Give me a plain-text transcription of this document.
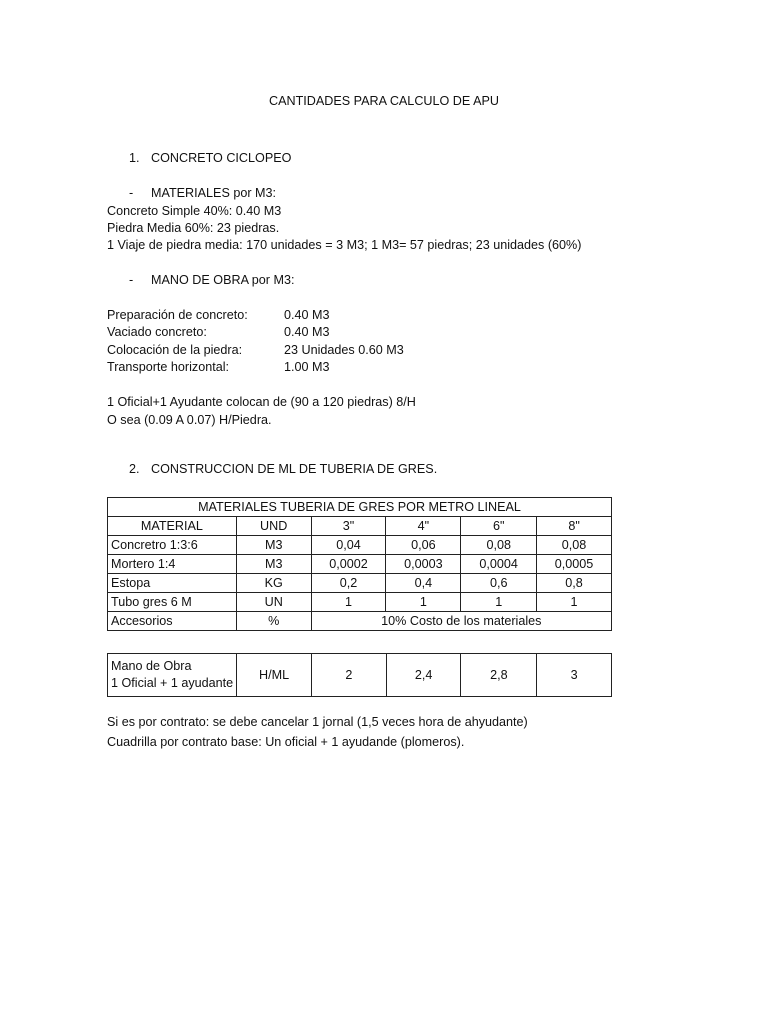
CANTIDADES PARA CALCULO DE APU
1. CONCRETO CICLOPEO
- MATERIALES por M3:
Concreto Simple 40%: 0.40 M3
Piedra Media 60%: 23 piedras.
1 Viaje de piedra media: 170 unidades = 3 M3; 1 M3= 57 piedras; 23 unidades (60%)
- MANO DE OBRA por M3:
Preparación de concreto:	0.40 M3
Vaciado concreto:	0.40 M3
Colocación de la piedra:	23 Unidades 0.60 M3
Transporte horizontal:	1.00 M3
1 Oficial+1 Ayudante colocan de (90 a 120 piedras) 8/H
O sea (0.09 A 0.07) H/Piedra.
2. CONSTRUCCION DE ML DE TUBERIA DE GRES.
MATERIALES TUBERIA DE GRES POR METRO LINEAL					
MATERIAL	UND	3"	4"	6"	8"
Concretro 1:3:6	M3	0,04	0,06	0,08	0,08
Mortero 1:4	M3	0,0002	0,0003	0,0004	0,0005
Estopa	KG	0,2	0,4	0,6	0,8
Tubo gres 6 M	UN	1	1	1	1
Accesorios	%	10% Costo de los materiales			
Mano de Obra
1 Oficial + 1 ayudante
	H/ML	2	2,4	2,8	3
Si es por contrato: se debe cancelar 1 jornal (1,5 veces hora de ahyudante)
Cuadrilla por contrato base: Un oficial + 1 ayudande (plomeros).
